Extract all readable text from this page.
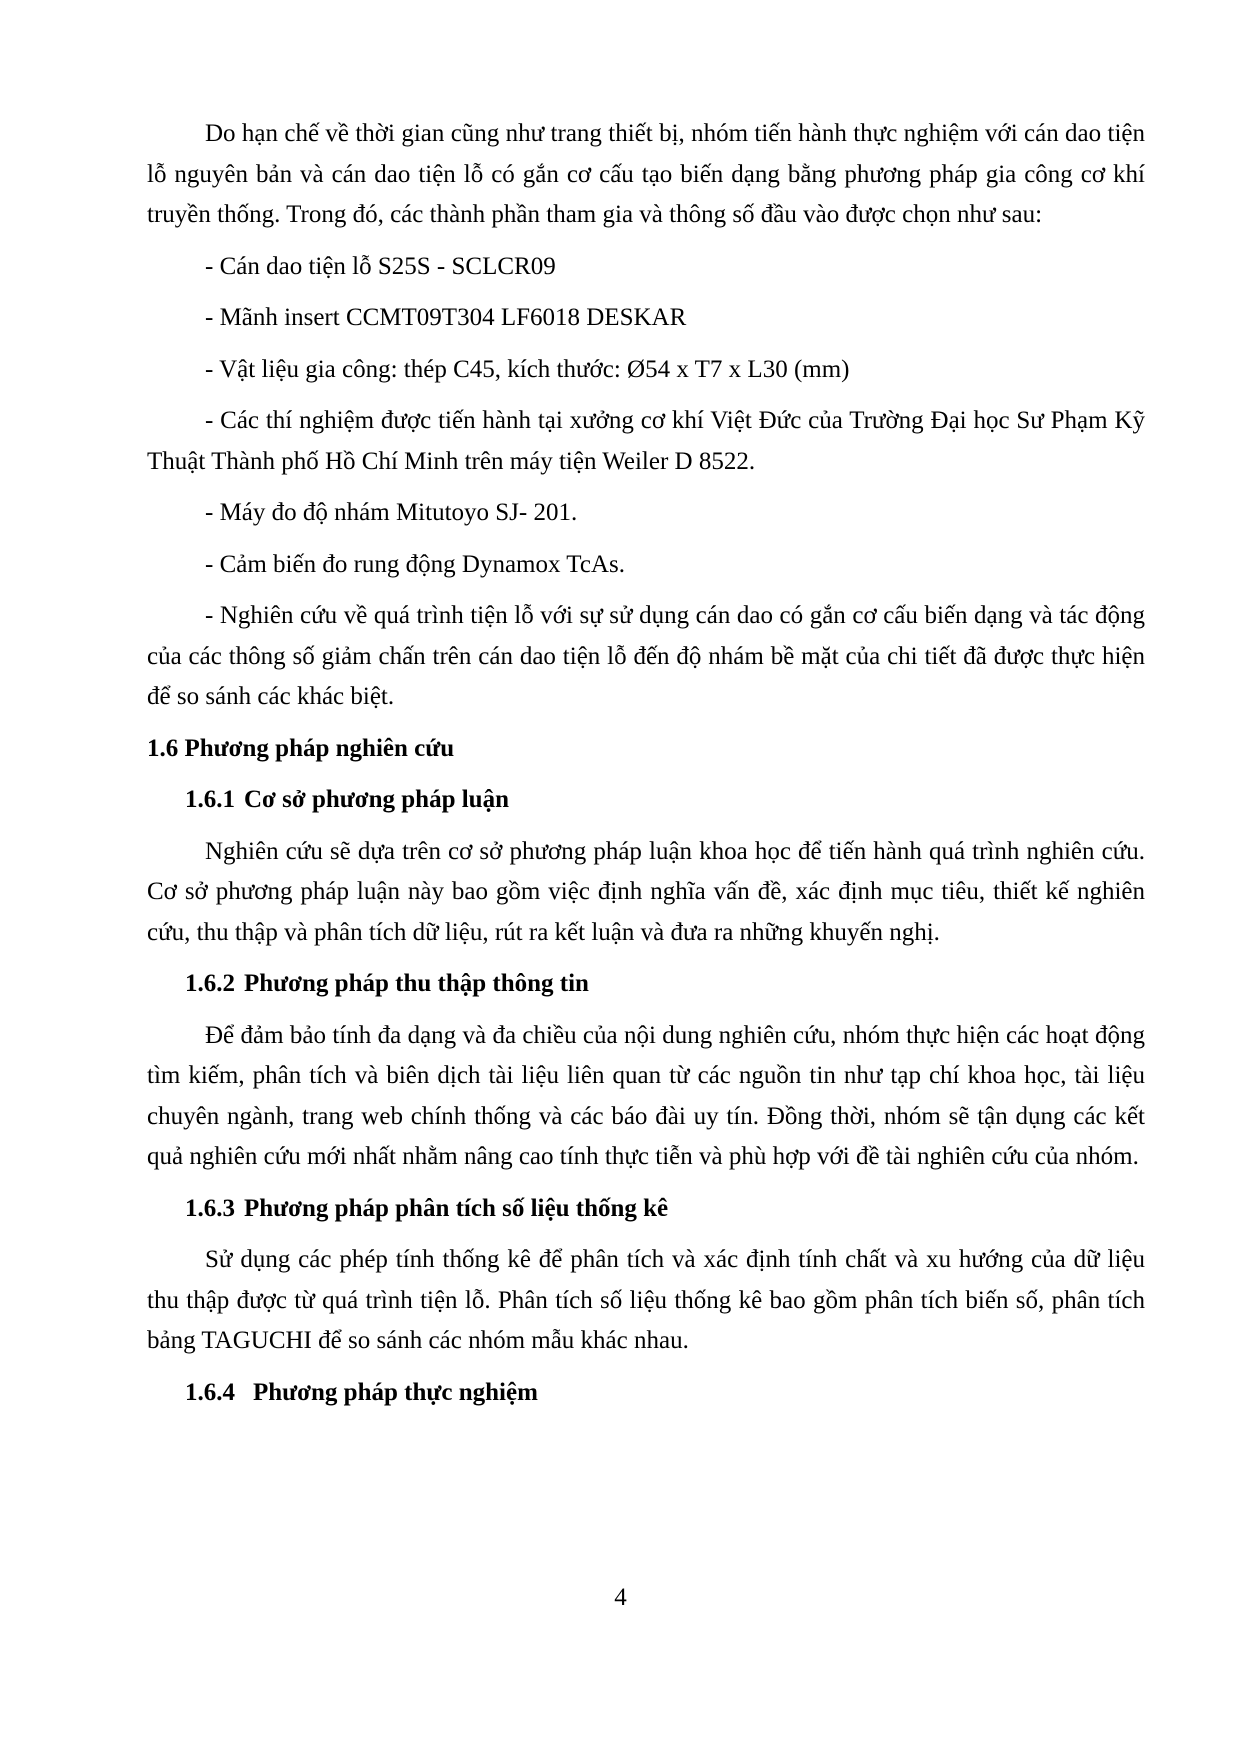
Do hạn chế về thời gian cũng như trang thiết bị, nhóm tiến hành thực nghiệm với cán dao tiện lỗ nguyên bản và cán dao tiện lỗ có gắn cơ cấu tạo biến dạng bằng phương pháp gia công cơ khí truyền thống. Trong đó, các thành phần tham gia và thông số đầu vào được chọn như sau:

- Cán dao tiện lỗ S25S - SCLCR09

- Mãnh insert CCMT09T304 LF6018 DESKAR

- Vật liệu gia công: thép C45, kích thước: Ø54 x T7 x L30 (mm)

- Các thí nghiệm được tiến hành tại xưởng cơ khí Việt Đức của Trường Đại học Sư Phạm Kỹ Thuật Thành phố Hồ Chí Minh trên máy tiện Weiler D 8522.

- Máy đo độ nhám Mitutoyo SJ- 201.

- Cảm biến đo rung động Dynamox TcAs.

- Nghiên cứu về quá trình tiện lỗ với sự sử dụng cán dao có gắn cơ cấu biến dạng và tác động của các thông số giảm chấn trên cán dao tiện lỗ đến độ nhám bề mặt của chi tiết đã được thực hiện để so sánh các khác biệt.

1.6 Phương pháp nghiên cứu

1.6.1 Cơ sở phương pháp luận

Nghiên cứu sẽ dựa trên cơ sở phương pháp luận khoa học để tiến hành quá trình nghiên cứu. Cơ sở phương pháp luận này bao gồm việc định nghĩa vấn đề, xác định mục tiêu, thiết kế nghiên cứu, thu thập và phân tích dữ liệu, rút ra kết luận và đưa ra những khuyến nghị.

1.6.2 Phương pháp thu thập thông tin

Để đảm bảo tính đa dạng và đa chiều của nội dung nghiên cứu, nhóm thực hiện các hoạt động tìm kiếm, phân tích và biên dịch tài liệu liên quan từ các nguồn tin như tạp chí khoa học, tài liệu chuyên ngành, trang web chính thống và các báo đài uy tín. Đồng thời, nhóm sẽ tận dụng các kết quả nghiên cứu mới nhất nhằm nâng cao tính thực tiễn và phù hợp với đề tài nghiên cứu của nhóm.

1.6.3 Phương pháp phân tích số liệu thống kê

Sử dụng các phép tính thống kê để phân tích và xác định tính chất và xu hướng của dữ liệu thu thập được từ quá trình tiện lỗ. Phân tích số liệu thống kê bao gồm phân tích biến số, phân tích bảng TAGUCHI để so sánh các nhóm mẫu khác nhau.

1.6.4 Phương pháp thực nghiệm

4
